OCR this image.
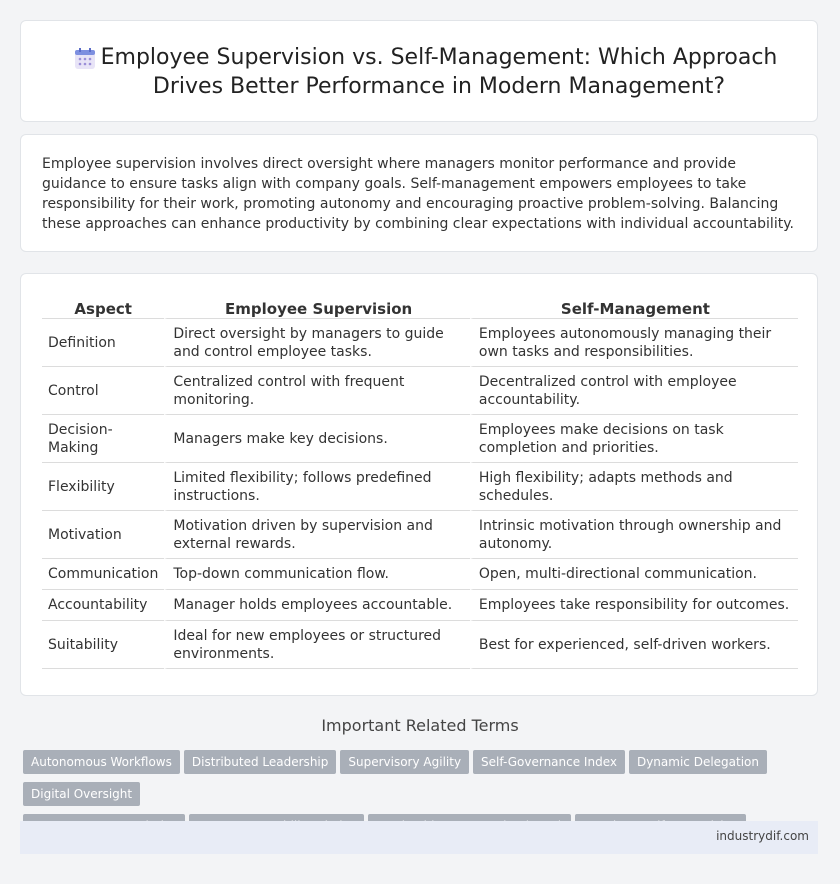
Employee Supervision vs. Self-Management: Which Approach Drives Better Performance in Modern Management?

Employee supervision involves direct oversight where managers monitor performance and provide guidance to ensure tasks align with company goals. Self-management empowers employees to take responsibility for their work, promoting autonomy and encouraging proactive problem-solving. Balancing these approaches can enhance productivity by combining clear expectations with individual accountability.

Aspect	Employee Supervision	Self-Management
Definition	Direct oversight by managers to guide and control employee tasks.	Employees autonomously managing their own tasks and responsibilities.
Control	Centralized control with frequent monitoring.	Decentralized control with employee accountability.
Decision-Making	Managers make key decisions.	Employees make decisions on task completion and priorities.
Flexibility	Limited flexibility; follows predefined instructions.	High flexibility; adapts methods and schedules.
Motivation	Motivation driven by supervision and external rewards.	Intrinsic motivation through ownership and autonomy.
Communication	Top-down communication flow.	Open, multi-directional communication.
Accountability	Manager holds employees accountable.	Employees take responsibility for outcomes.
Suitability	Ideal for new employees or structured environments.	Best for experienced, self-driven workers.
Important Related Terms
Autonomous Workflows Distributed Leadership Supervisory Agility Self-Governance Index Dynamic DelegationDigital Oversight

industrydif.com
